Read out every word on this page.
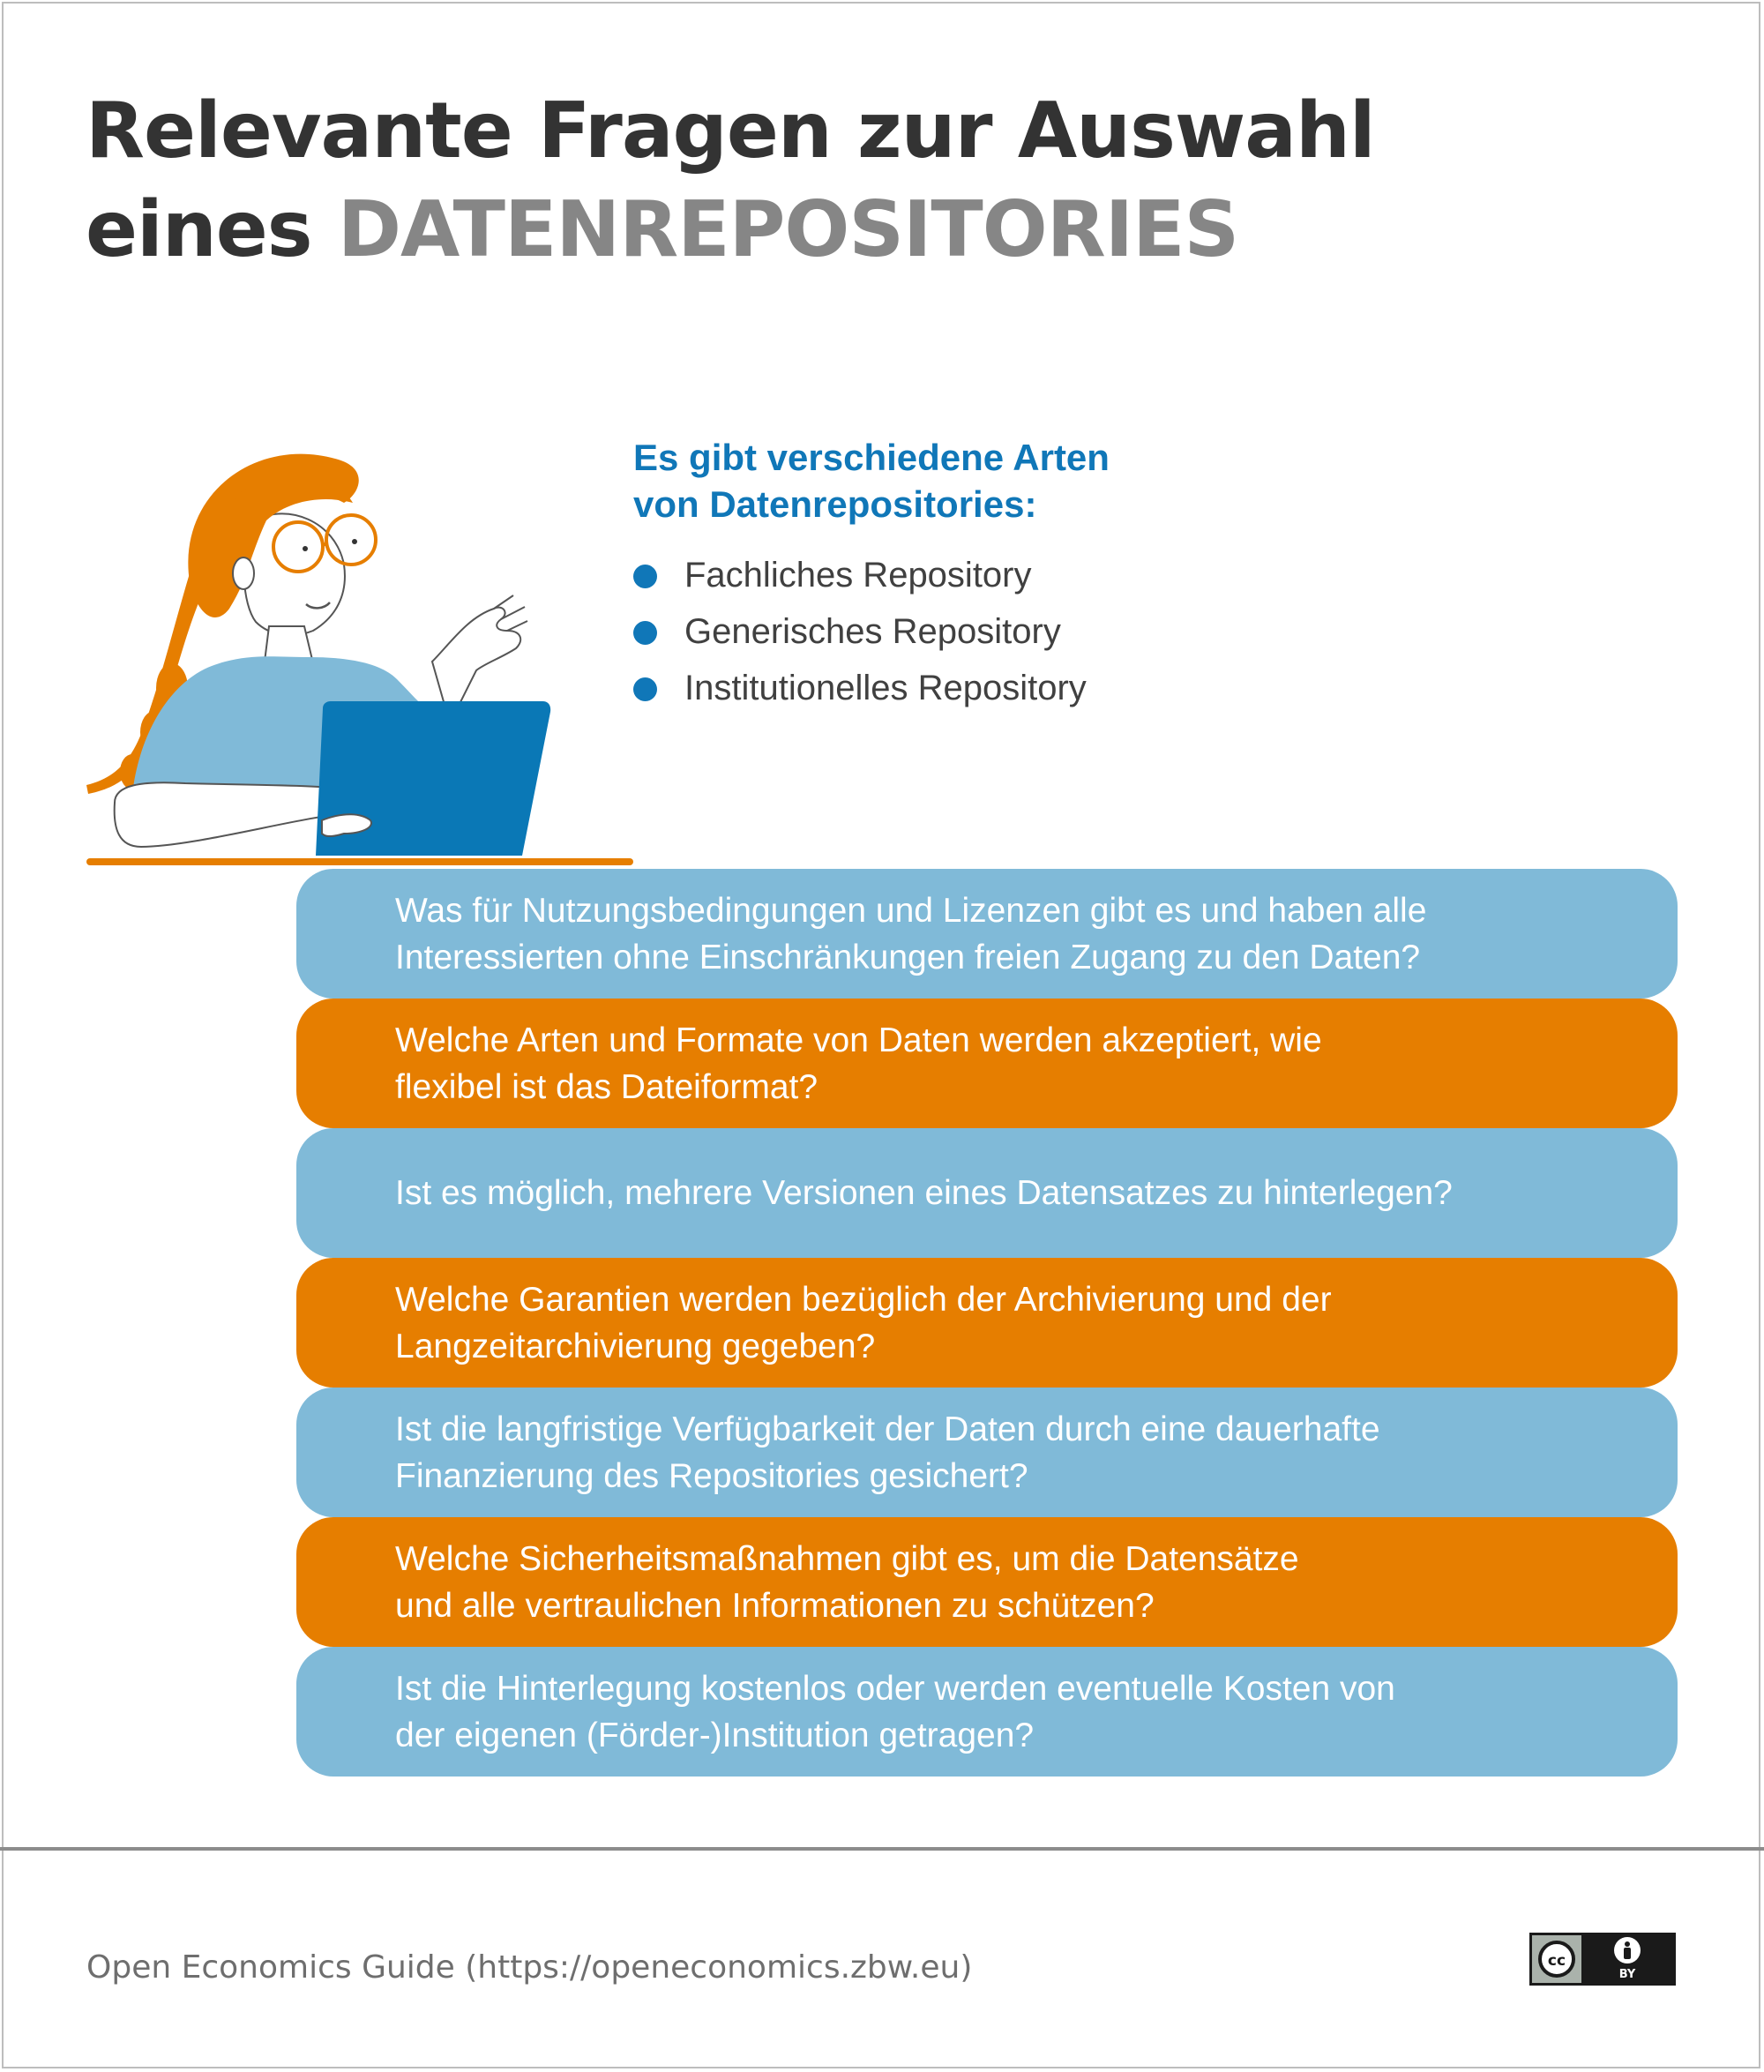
Relevante Fragen zur Auswahl
eines DATENREPOSITORIES
Es gibt verschiedene Arten
von Datenrepositories:
Fachliches Repository
Generisches Repository
Institutionelles Repository
Was für Nutzungsbedingungen und Lizenzen gibt es und haben alle
Interessierten ohne Einschränkungen freien Zugang zu den Daten?
Welche Arten und Formate von Daten werden akzeptiert, wie
flexibel ist das Dateiformat?
Ist es möglich, mehrere Versionen eines Datensatzes zu hinterlegen?
Welche Garantien werden bezüglich der Archivierung und der
Langzeitarchivierung gegeben?
Ist die langfristige Verfügbarkeit der Daten durch eine dauerhafte
Finanzierung des Repositories gesichert?
Welche Sicherheitsmaßnahmen gibt es, um die Datensätze
und alle vertraulichen Informationen zu schützen?
Ist die Hinterlegung kostenlos oder werden eventuelle Kosten von
der eigenen (Förder-)Institution getragen?
Open Economics Guide (https://openeconomics.zbw.eu)	cc
BY
